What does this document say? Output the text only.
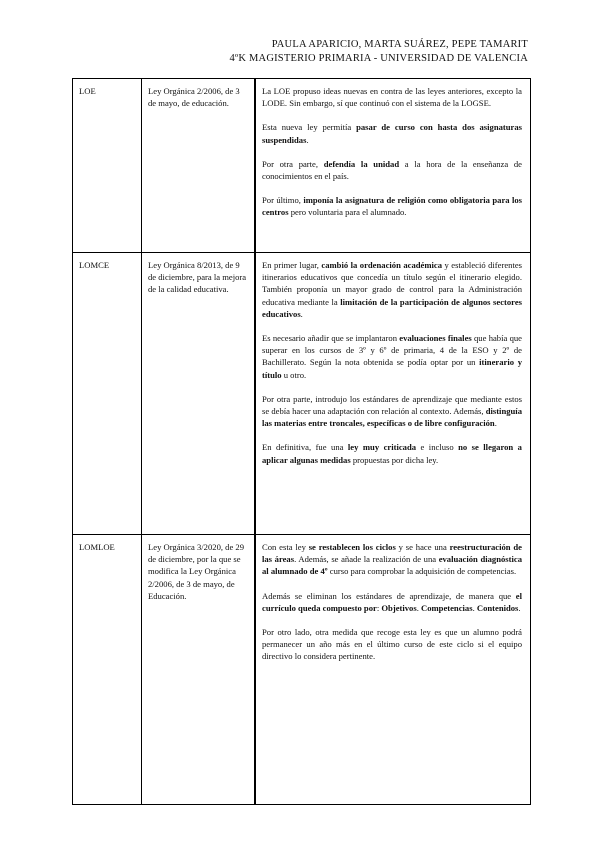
PAULA APARICIO, MARTA SUÁREZ, PEPE TAMARIT
4ºK MAGISTERIO PRIMARIA - UNIVERSIDAD DE VALENCIA
LOE	Ley Orgánica 2/2006, de 3 de mayo, de educación.	La LOE propuso ideas nuevas en contra de las leyes anteriores, excepto la LODE. Sin embargo, sí que continuó con el sistema de la LOGSE.

Esta nueva ley permitía pasar de curso con hasta dos asignaturas suspendidas.

Por otra parte, defendía la unidad a la hora de la enseñanza de conocimientos en el país.

Por último, imponía la asignatura de religión como obligatoria para los centros pero voluntaria para el alumnado.

LOMCE	Ley Orgánica 8/2013, de 9 de diciembre, para la mejora de la calidad educativa.	En primer lugar, cambió la ordenación académica y estableció diferentes itinerarios educativos que concedía un título según el itinerario elegido. También proponía un mayor grado de control para la Administración educativa mediante la limitación de la participación de algunos sectores educativos.

Es necesario añadir que se implantaron evaluaciones finales que había que superar en los cursos de 3º y 6º de primaria, 4 de la ESO y 2º de Bachillerato. Según la nota obtenida se podía optar por un itinerario y título u otro.

Por otra parte, introdujo los estándares de aprendizaje que mediante estos se debía hacer una adaptación con relación al contexto. Además, distinguía las materias entre troncales, específicas o de libre configuración.

En definitiva, fue una ley muy criticada e incluso no se llegaron a aplicar algunas medidas propuestas por dicha ley.

LOMLOE	Ley Orgánica 3/2020, de 29 de diciembre, por la que se modifica la Ley Orgánica 2/2006, de 3 de mayo, de Educación.	Con esta ley se restablecen los ciclos y se hace una reestructuración de las áreas. Además, se añade la realización de una evaluación diagnóstica al alumnado de 4º curso para comprobar la adquisición de competencias.

Además se eliminan los estándares de aprendizaje, de manera que el currículo queda compuesto por: Objetivos. Competencias. Contenidos.

Por otro lado, otra medida que recoge esta ley es que un alumno podrá permanecer un año más en el último curso de este ciclo si el equipo directivo lo considera pertinente.
